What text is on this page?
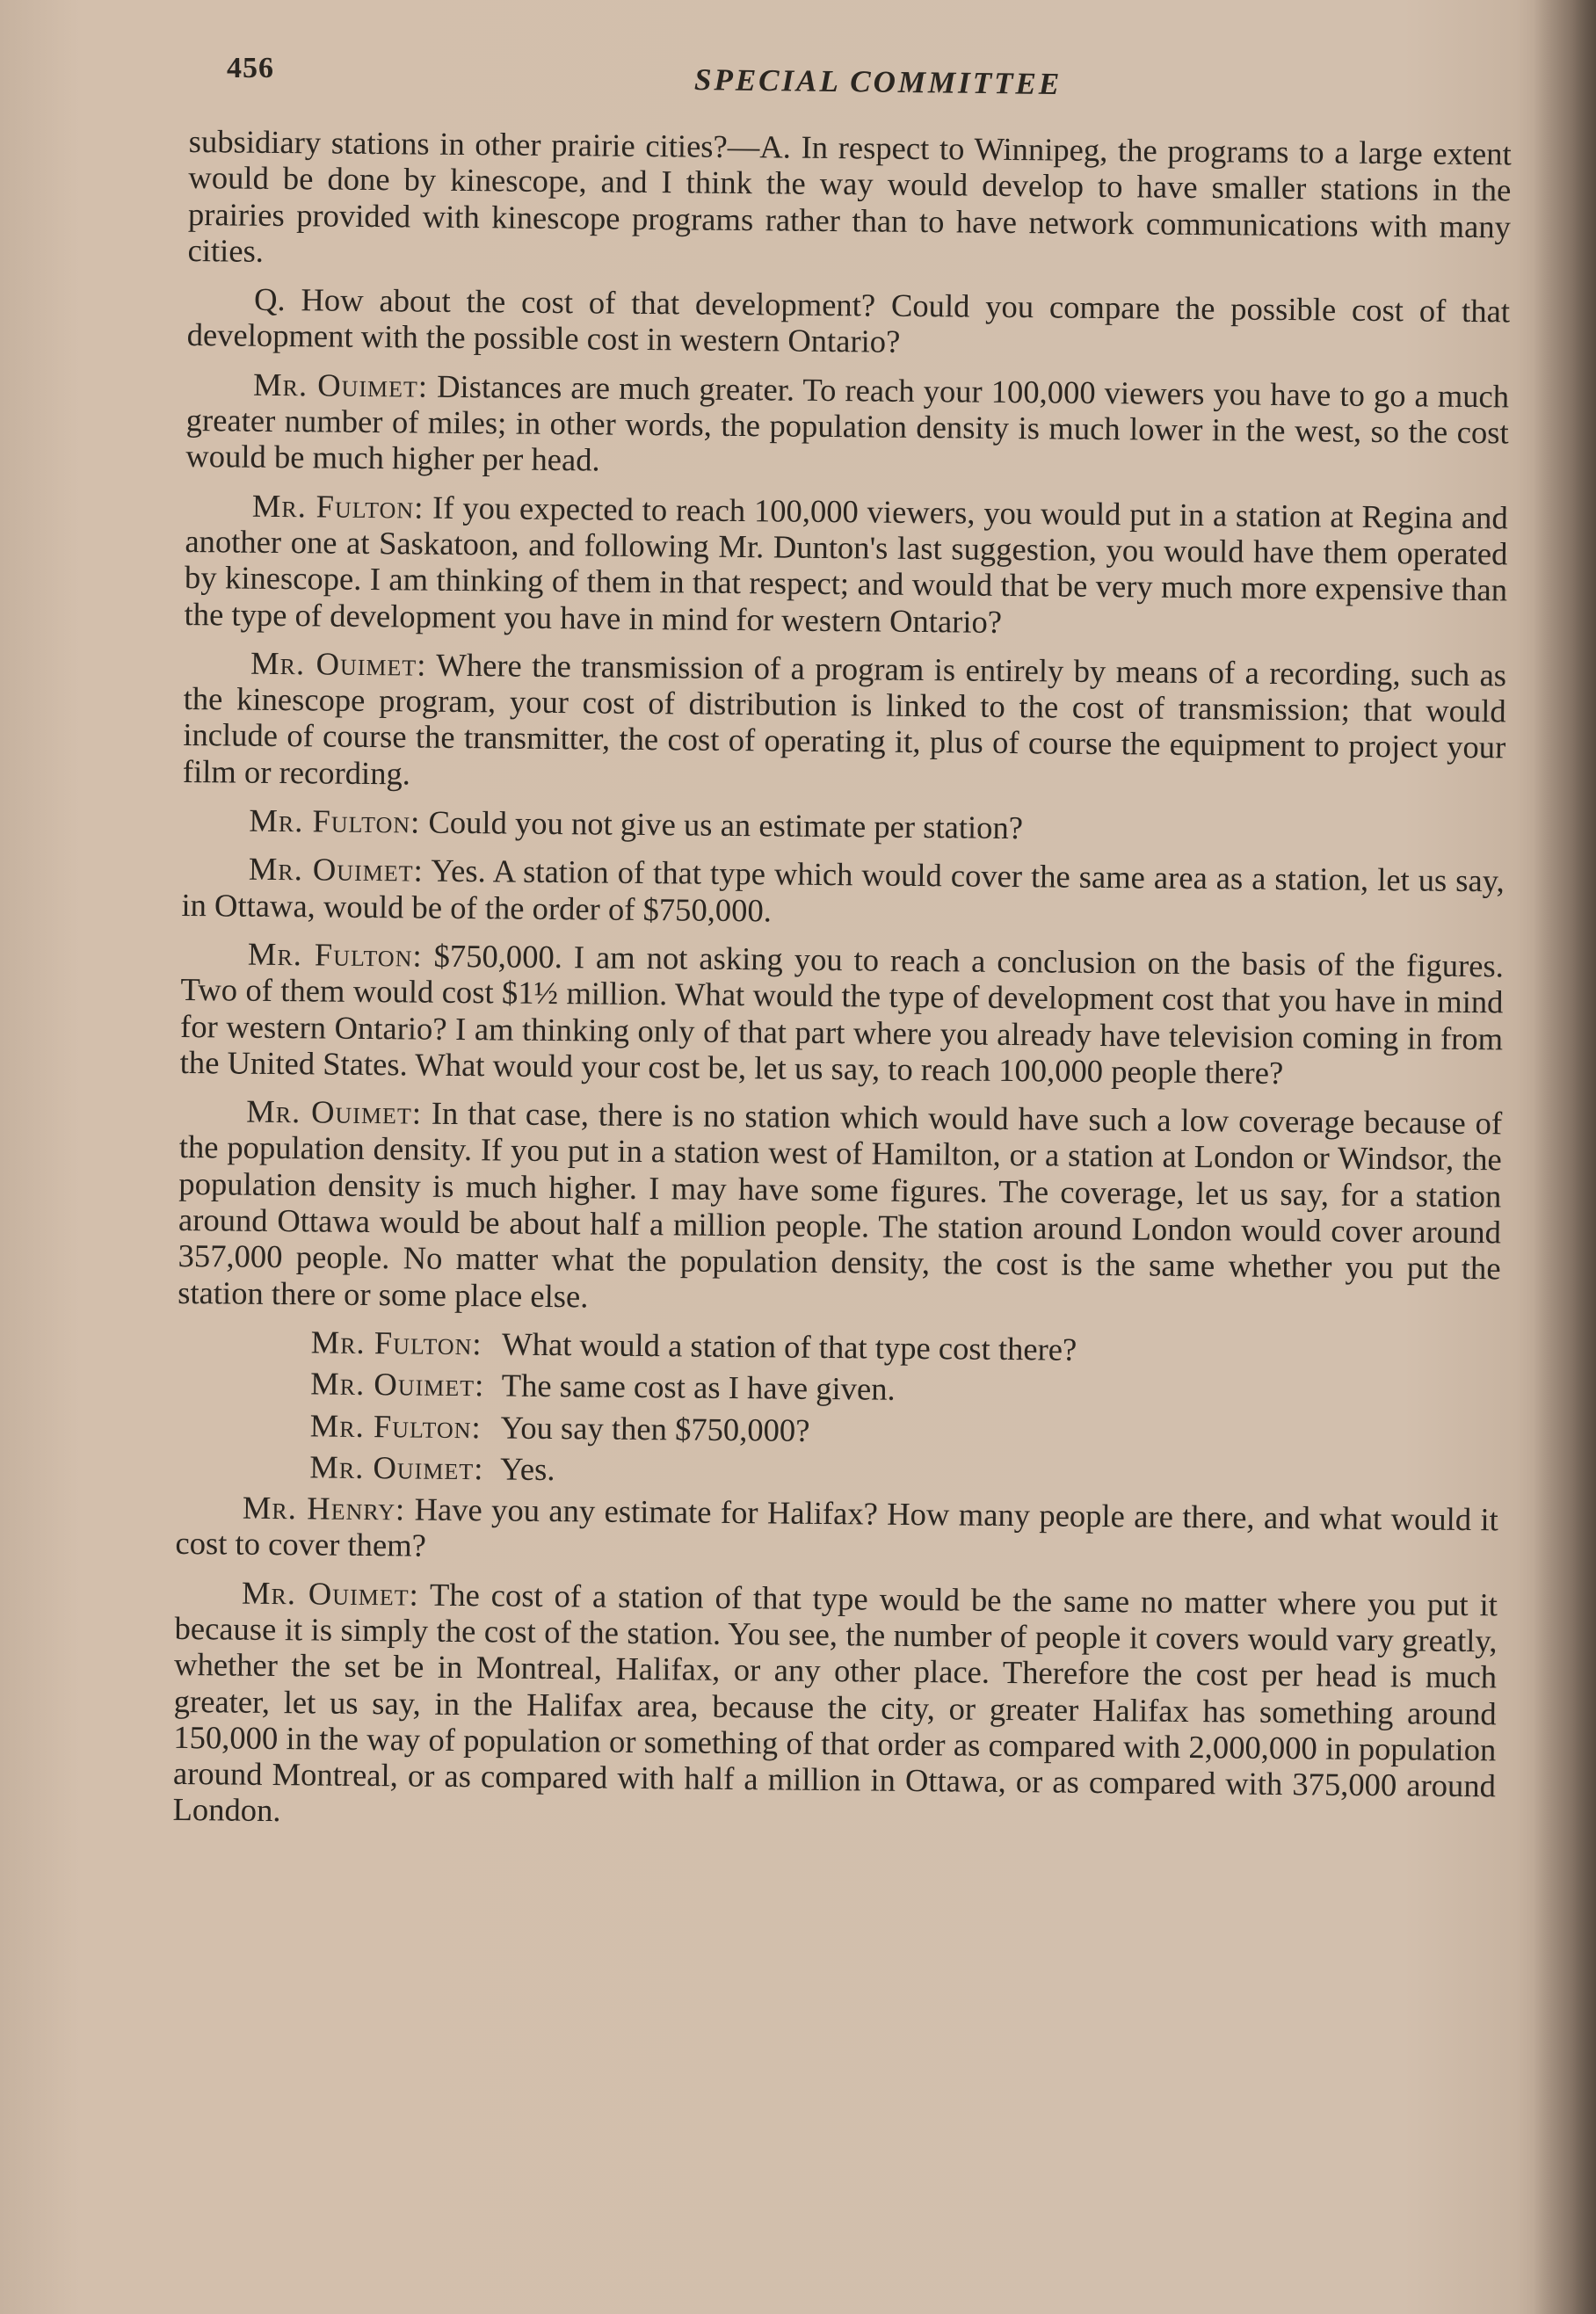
456	SPECIAL COMMITTEE

subsidiary stations in other prairie cities?—A. In respect to Winnipeg, the programs to a large extent would be done by kinescope, and I think the way would develop to have smaller stations in the prairies provided with kinescope programs rather than to have network communications with many cities.

Q. How about the cost of that development? Could you compare the possible cost of that development with the possible cost in western Ontario?

Mr. Ouimet: Distances are much greater. To reach your 100,000 viewers you have to go a much greater number of miles; in other words, the population density is much lower in the west, so the cost would be much higher per head.

Mr. Fulton: If you expected to reach 100,000 viewers, you would put in a station at Regina and another one at Saskatoon, and following Mr. Dunton's last suggestion, you would have them operated by kinescope. I am thinking of them in that respect; and would that be very much more expensive than the type of development you have in mind for western Ontario?

Mr. Ouimet: Where the transmission of a program is entirely by means of a recording, such as the kinescope program, your cost of distribution is linked to the cost of transmission; that would include of course the transmitter, the cost of operating it, plus of course the equipment to project your film or recording.

Mr. Fulton: Could you not give us an estimate per station?

Mr. Ouimet: Yes. A station of that type which would cover the same area as a station, let us say, in Ottawa, would be of the order of $750,000.

Mr. Fulton: $750,000. I am not asking you to reach a conclusion on the basis of the figures. Two of them would cost $1½ million. What would the type of development cost that you have in mind for western Ontario? I am thinking only of that part where you already have television coming in from the United States. What would your cost be, let us say, to reach 100,000 people there?

Mr. Ouimet: In that case, there is no station which would have such a low coverage because of the population density. If you put in a station west of Hamilton, or a station at London or Windsor, the population density is much higher. I may have some figures. The coverage, let us say, for a station around Ottawa would be about half a million people. The station around London would cover around 357,000 people. No matter what the population density, the cost is the same whether you put the station there or some place else.

Mr. Fulton: What would a station of that type cost there?

Mr. Ouimet: The same cost as I have given.

Mr. Fulton: You say then $750,000?

Mr. Ouimet: Yes.

Mr. Henry: Have you any estimate for Halifax? How many people are there, and what would it cost to cover them?

Mr. Ouimet: The cost of a station of that type would be the same no matter where you put it because it is simply the cost of the station. You see, the number of people it covers would vary greatly, whether the set be in Montreal, Halifax, or any other place. Therefore the cost per head is much greater, let us say, in the Halifax area, because the city, or greater Halifax has something around 150,000 in the way of population or something of that order as compared with 2,000,000 in population around Montreal, or as compared with half a million in Ottawa, or as compared with 375,000 around London.
